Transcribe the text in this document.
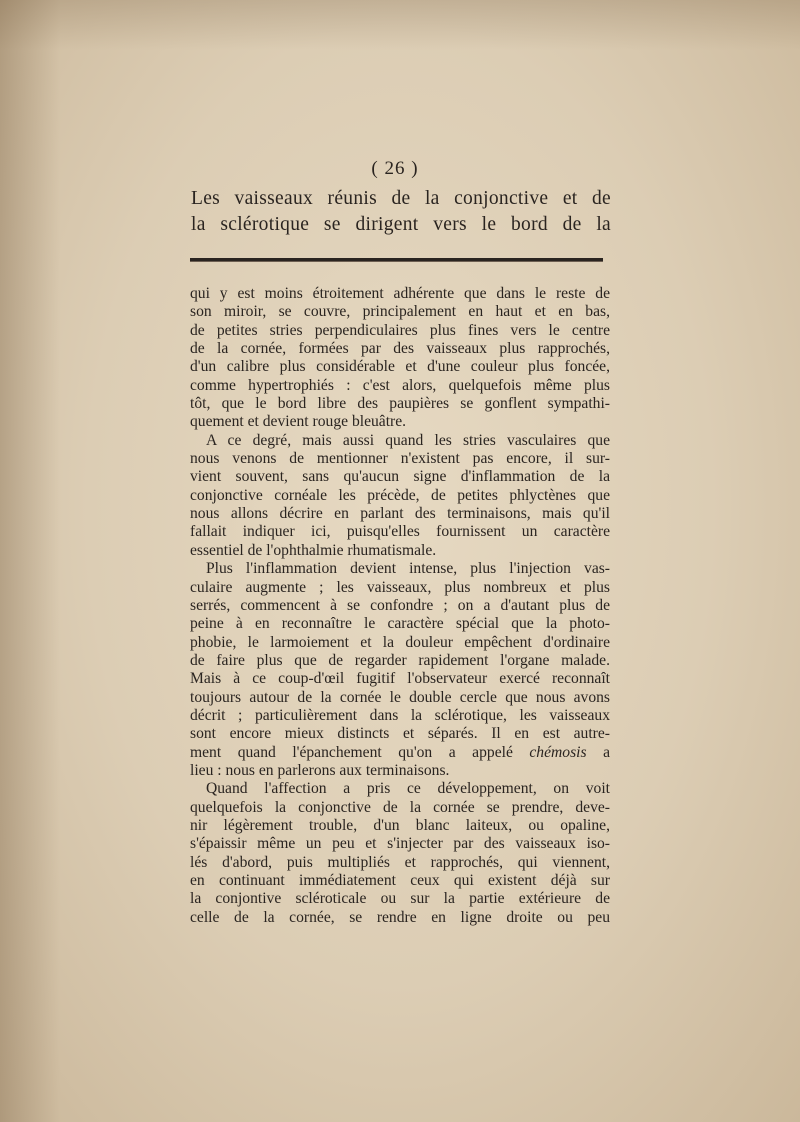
( 26 )
Les vaisseaux réunis de la conjonctive et de
la sclérotique se dirigent vers le bord de la
qui y est moins étroitement adhérente que dans le reste de
son miroir, se couvre, principalement en haut et en bas,
de petites stries perpendiculaires plus fines vers le centre
de la cornée, formées par des vaisseaux plus rapprochés,
d'un calibre plus considérable et d'une couleur plus foncée,
comme hypertrophiés : c'est alors, quelquefois même plus
tôt, que le bord libre des paupières se gonflent sympathi-
quement et devient rouge bleuâtre.
A ce degré, mais aussi quand les stries vasculaires que
nous venons de mentionner n'existent pas encore, il sur-
vient souvent, sans qu'aucun signe d'inflammation de la
conjonctive cornéale les précède, de petites phlyctènes que
nous allons décrire en parlant des terminaisons, mais qu'il
fallait indiquer ici, puisqu'elles fournissent un caractère
essentiel de l'ophthalmie rhumatismale.
Plus l'inflammation devient intense, plus l'injection vas-
culaire augmente ; les vaisseaux, plus nombreux et plus
serrés, commencent à se confondre ; on a d'autant plus de
peine à en reconnaître le caractère spécial que la photo-
phobie, le larmoiement et la douleur empêchent d'ordinaire
de faire plus que de regarder rapidement l'organe malade.
Mais à ce coup-d'œil fugitif l'observateur exercé reconnaît
toujours autour de la cornée le double cercle que nous avons
décrit ; particulièrement dans la sclérotique, les vaisseaux
sont encore mieux distincts et séparés. Il en est autre-
ment quand l'épanchement qu'on a appelé chémosis a
lieu : nous en parlerons aux terminaisons.
Quand l'affection a pris ce développement, on voit
quelquefois la conjonctive de la cornée se prendre, deve-
nir légèrement trouble, d'un blanc laiteux, ou opaline,
s'épaissir même un peu et s'injecter par des vaisseaux iso-
lés d'abord, puis multipliés et rapprochés, qui viennent,
en continuant immédiatement ceux qui existent déjà sur
la conjontive scléroticale ou sur la partie extérieure de
celle de la cornée, se rendre en ligne droite ou peu
